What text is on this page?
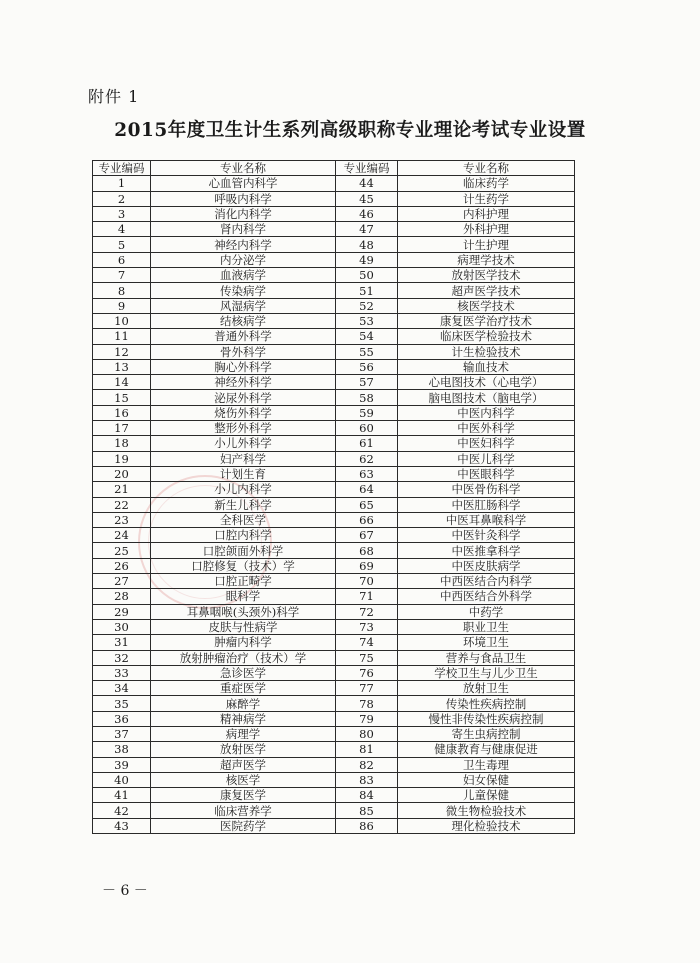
附件 1
2015年度卫生计生系列高级职称专业理论考试专业设置
专业编码	专业名称	专业编码	专业名称
1	心血管内科学	44	临床药学
2	呼吸内科学	45	计生药学
3	消化内科学	46	内科护理
4	肾内科学	47	外科护理
5	神经内科学	48	计生护理
6	内分泌学	49	病理学技术
7	血液病学	50	放射医学技术
8	传染病学	51	超声医学技术
9	风湿病学	52	核医学技术
10	结核病学	53	康复医学治疗技术
11	普通外科学	54	临床医学检验技术
12	骨外科学	55	计生检验技术
13	胸心外科学	56	输血技术
14	神经外科学	57	心电图技术（心电学）
15	泌尿外科学	58	脑电图技术（脑电学）
16	烧伤外科学	59	中医内科学
17	整形外科学	60	中医外科学
18	小儿外科学	61	中医妇科学
19	妇产科学	62	中医儿科学
20	计划生育	63	中医眼科学
21	小儿内科学	64	中医骨伤科学
22	新生儿科学	65	中医肛肠科学
23	全科医学	66	中医耳鼻喉科学
24	口腔内科学	67	中医针灸科学
25	口腔颌面外科学	68	中医推拿科学
26	口腔修复（技术）学	69	中医皮肤病学
27	口腔正畸学	70	中西医结合内科学
28	眼科学	71	中西医结合外科学
29	耳鼻咽喉(头颈外)科学	72	中药学
30	皮肤与性病学	73	职业卫生
31	肿瘤内科学	74	环境卫生
32	放射肿瘤治疗（技术）学	75	营养与食品卫生
33	急诊医学	76	学校卫生与儿少卫生
34	重症医学	77	放射卫生
35	麻醉学	78	传染性疾病控制
36	精神病学	79	慢性非传染性疾病控制
37	病理学	80	寄生虫病控制
38	放射医学	81	健康教育与健康促进
39	超声医学	82	卫生毒理
40	核医学	83	妇女保健
41	康复医学	84	儿童保健
42	临床营养学	85	微生物检验技术
43	医院药学	86	理化检验技术
－ 6 －
